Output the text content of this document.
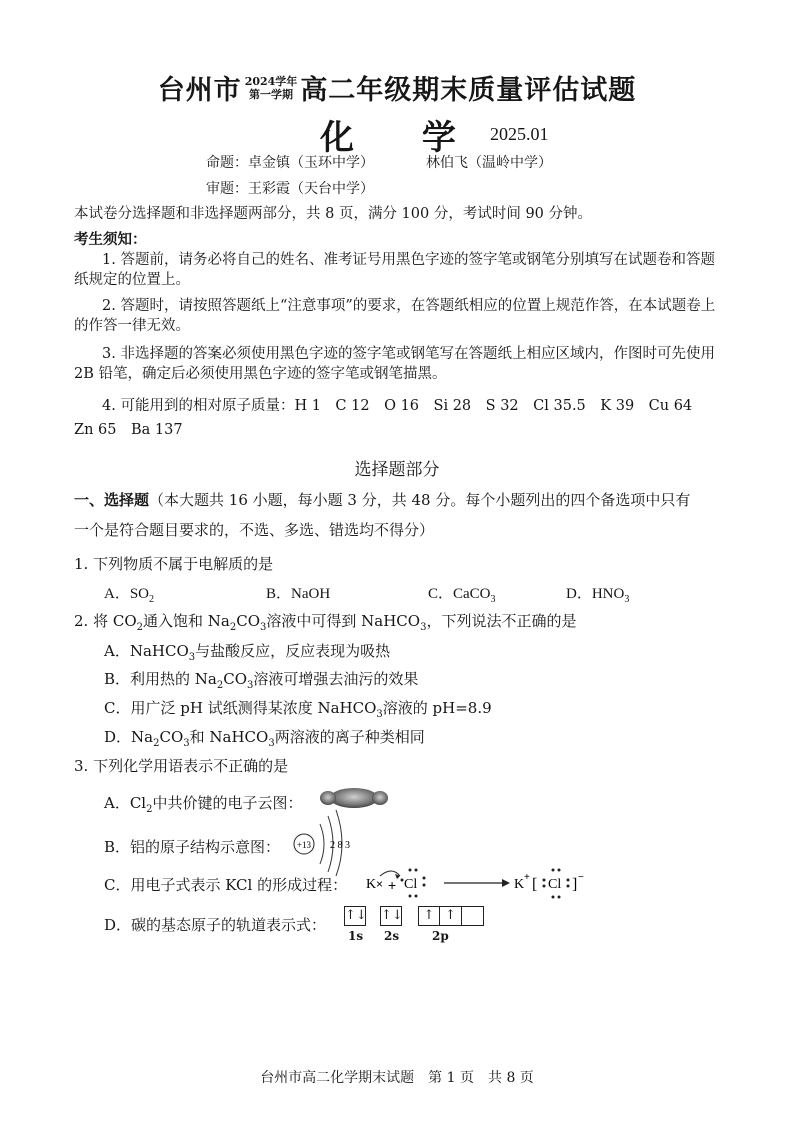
台州市 2024学年
第一学期 高二年级期末质量评估试题
化 学 2025.01
命题：卓金镇（玉环中学）	林伯飞（温岭中学）
审题：王彩霞（天台中学）
本试卷分选择题和非选择题两部分，共 8 页，满分 100 分，考试时间 90 分钟。
考生须知：
1. 答题前，请务必将自己的姓名、准考证号用黑色字迹的签字笔或钢笔分别填写在试题卷和答题纸规定的位置上。
2. 答题时，请按照答题纸上“注意事项”的要求，在答题纸相应的位置上规范作答，在本试题卷上的作答一律无效。
3. 非选择题的答案必须使用黑色字迹的签字笔或钢笔写在答题纸上相应区域内，作图时可先使用 2B 铅笔，确定后必须使用黑色字迹的签字笔或钢笔描黑。
4. 可能用到的相对原子质量：H 1　C 12　O 16　Si 28　S 32　Cl 35.5　K 39　Cu 64
Zn 65　Ba 137
选择题部分
一、选择题（本大题共 16 小题，每小题 3 分，共 48 分。每个小题列出的四个备选项中只有
一个是符合题目要求的，不选、多选、错选均不得分）
1. 下列物质不属于电解质的是
A．$SO_2$	B．NaOH	C．CaCO$_3$	D．$HNO_3$
2. 将 $CO_2$通入饱和 $Na_2CO_3$溶液中可得到 NaHCO$_3$，下列说法不正确的是
A．NaHCO$_3$与盐酸反应，反应表现为吸热
B．利用热的 $Na_2CO_3$溶液可增强去油污的效果
C．用广泛 pH 试纸测得某浓度 NaHCO$_3$溶液的 pH=8.9
D．$Na_2CO_3$和 NaHCO$_3$两溶液的离子种类相同
3. 下列化学用语表示不正确的是
A．$Cl_2$中共价键的电子云图：
B．铝的原子结构示意图： +13 2 8 3
C．用电子式表示 KCl 的形成过程： K × + Cl	K + [ Cl ] −
D．碳的基态原子的轨道表示式：
↑↓ ↑↓	↑ ↑
1s 2s	2p
台州市高二化学期末试题　第 1 页　共 8 页
